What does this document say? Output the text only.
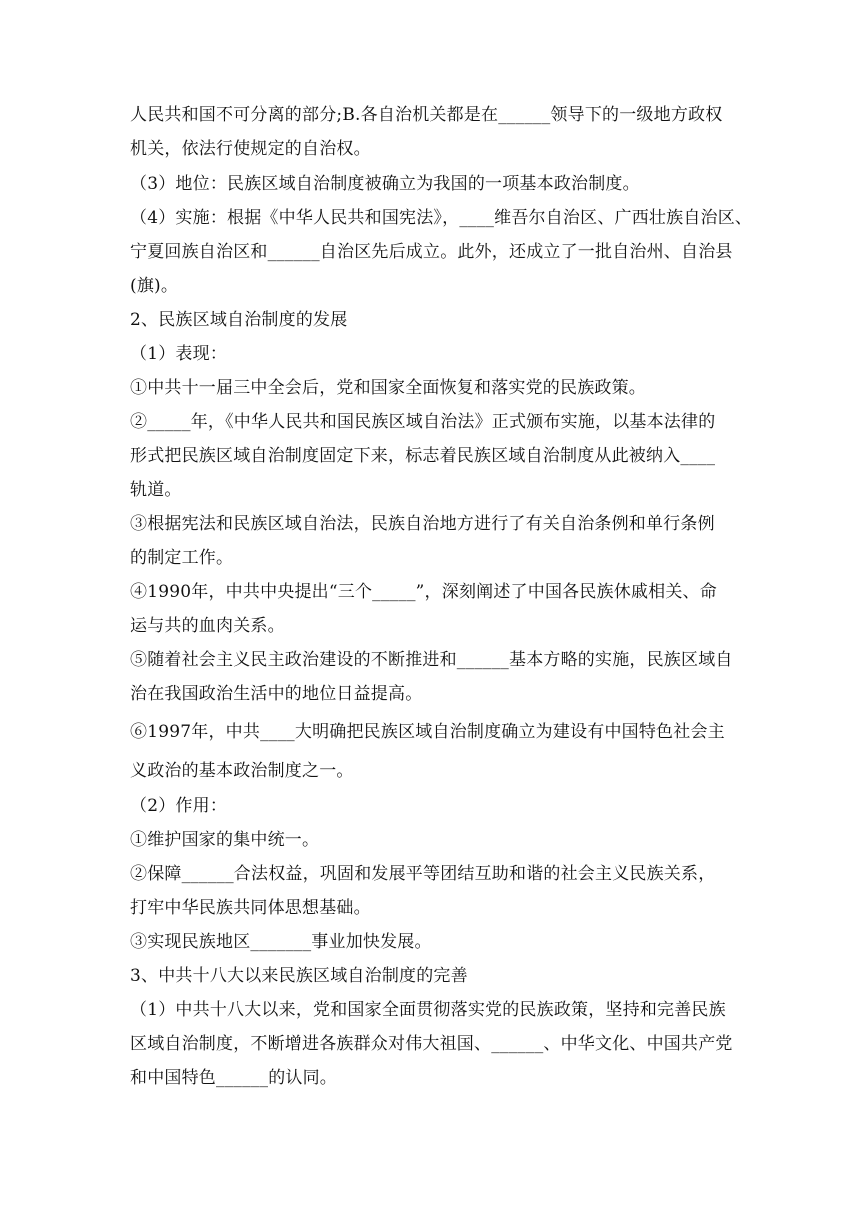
人民共和国不可分离的部分;B.各自治机关都是在______领导下的一级地方政权
机关，依法行使规定的自治权。
（3）地位：民族区域自治制度被确立为我国的一项基本政治制度。
（4）实施：根据《中华人民共和国宪法》，____维吾尔自治区、广西壮族自治区、
宁夏回族自治区和______自治区先后成立。此外，还成立了一批自治州、自治县
(旗)。
2、民族区域自治制度的发展
（1）表现：
①中共十一届三中全会后，党和国家全面恢复和落实党的民族政策。
②_____年，《中华人民共和国民族区域自治法》正式颁布实施，以基本法律的
形式把民族区域自治制度固定下来，标志着民族区域自治制度从此被纳入____
轨道。
③根据宪法和民族区域自治法，民族自治地方进行了有关自治条例和单行条例
的制定工作。
④1990年，中共中央提出“三个_____”，深刻阐述了中国各民族休戚相关、命
运与共的血肉关系。
⑤随着社会主义民主政治建设的不断推进和______基本方略的实施，民族区域自
治在我国政治生活中的地位日益提高。
⑥1997年，中共____大明确把民族区域自治制度确立为建设有中国特色社会主
义政治的基本政治制度之一。
（2）作用：
①维护国家的集中统一。
②保障______合法权益，巩固和发展平等团结互助和谐的社会主义民族关系，
打牢中华民族共同体思想基础。
③实现民族地区_______事业加快发展。
3、中共十八大以来民族区域自治制度的完善
（1）中共十八大以来，党和国家全面贯彻落实党的民族政策，坚持和完善民族
区域自治制度，不断增进各族群众对伟大祖国、______、中华文化、中国共产党
和中国特色______的认同。
